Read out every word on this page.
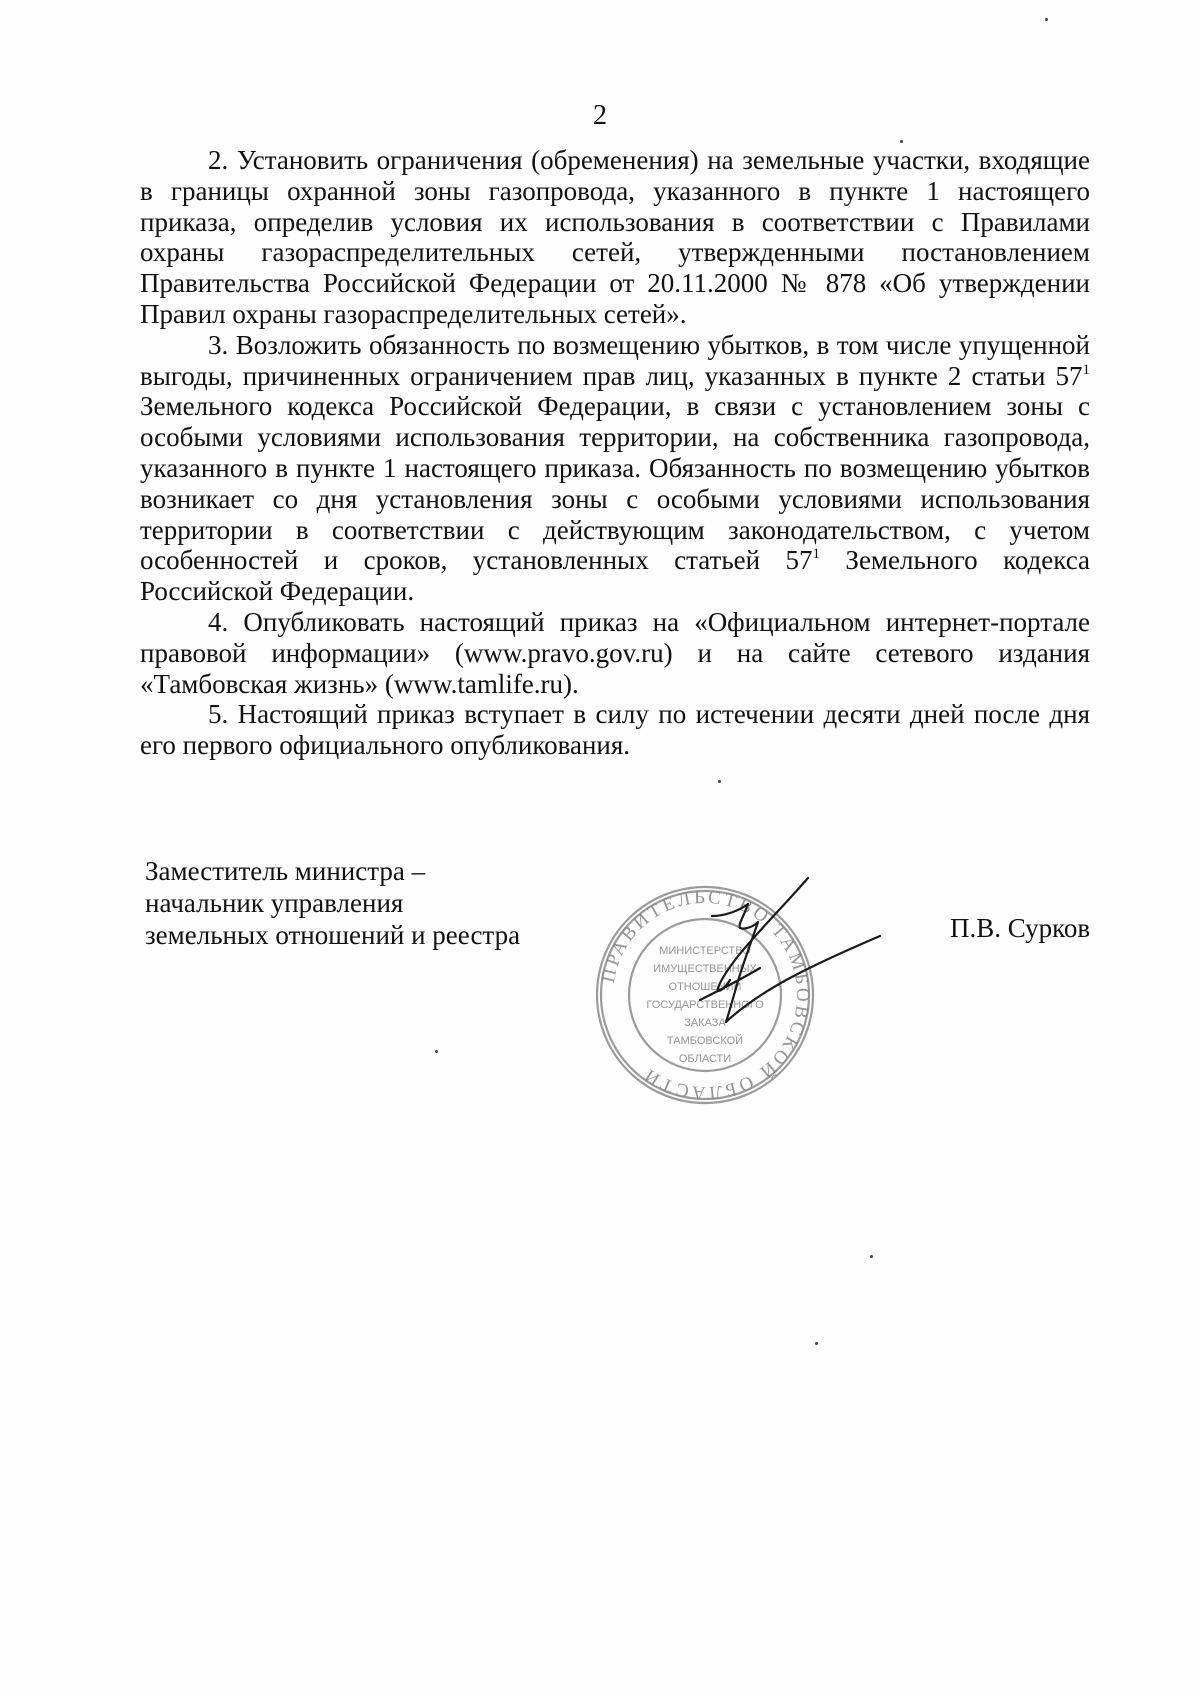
2

2. Установить ограничения (обременения) на земельные участки, входящие в границы охранной зоны газопровода, указанного в пункте 1 настоящего приказа, определив условия их использования в соответствии с Правилами охраны газораспределительных сетей, утвержденными постановлением Правительства Российской Федерации от 20.11.2000 № 878 «Об утверждении Правил охраны газораспределительных сетей».

3. Возложить обязанность по возмещению убытков, в том числе упущенной выгоды, причиненных ограничением прав лиц, указанных в пункте 2 статьи $57^1$ Земельного кодекса Российской Федерации, в связи с установлением зоны с особыми условиями использования территории, на собственника газопровода, указанного в пункте 1 настоящего приказа. Обязанность по возмещению убытков возникает со дня установления зоны с особыми условиями использования территории в соответствии с действующим законодательством, с учетом особенностей и сроков, установленных статьей $57^1$ Земельного кодекса Российской Федерации.

4. Опубликовать настоящий приказ на «Официальном интернет-портале правовой информации» (www.pravo.gov.ru) и на сайте сетевого издания «Тамбовская жизнь» (www.tamlife.ru).

5. Настоящий приказ вступает в силу по истечении десяти дней после дня его первого официального опубликования.

Заместитель министра –
начальник управления
земельных отношений и реестра
ПРАВИТЕЛЬСТВО ТАМБОВСКОЙ ОБЛАСТИ
МИНИСТЕРСТВО
ИМУЩЕСТВЕННЫХ
ОТНОШЕНИЙ
ГОСУДАРСТВЕННОГО
ЗАКАЗА
ТАМБОВСКОЙ
ОБЛАСТИ
П.В. Сурков
